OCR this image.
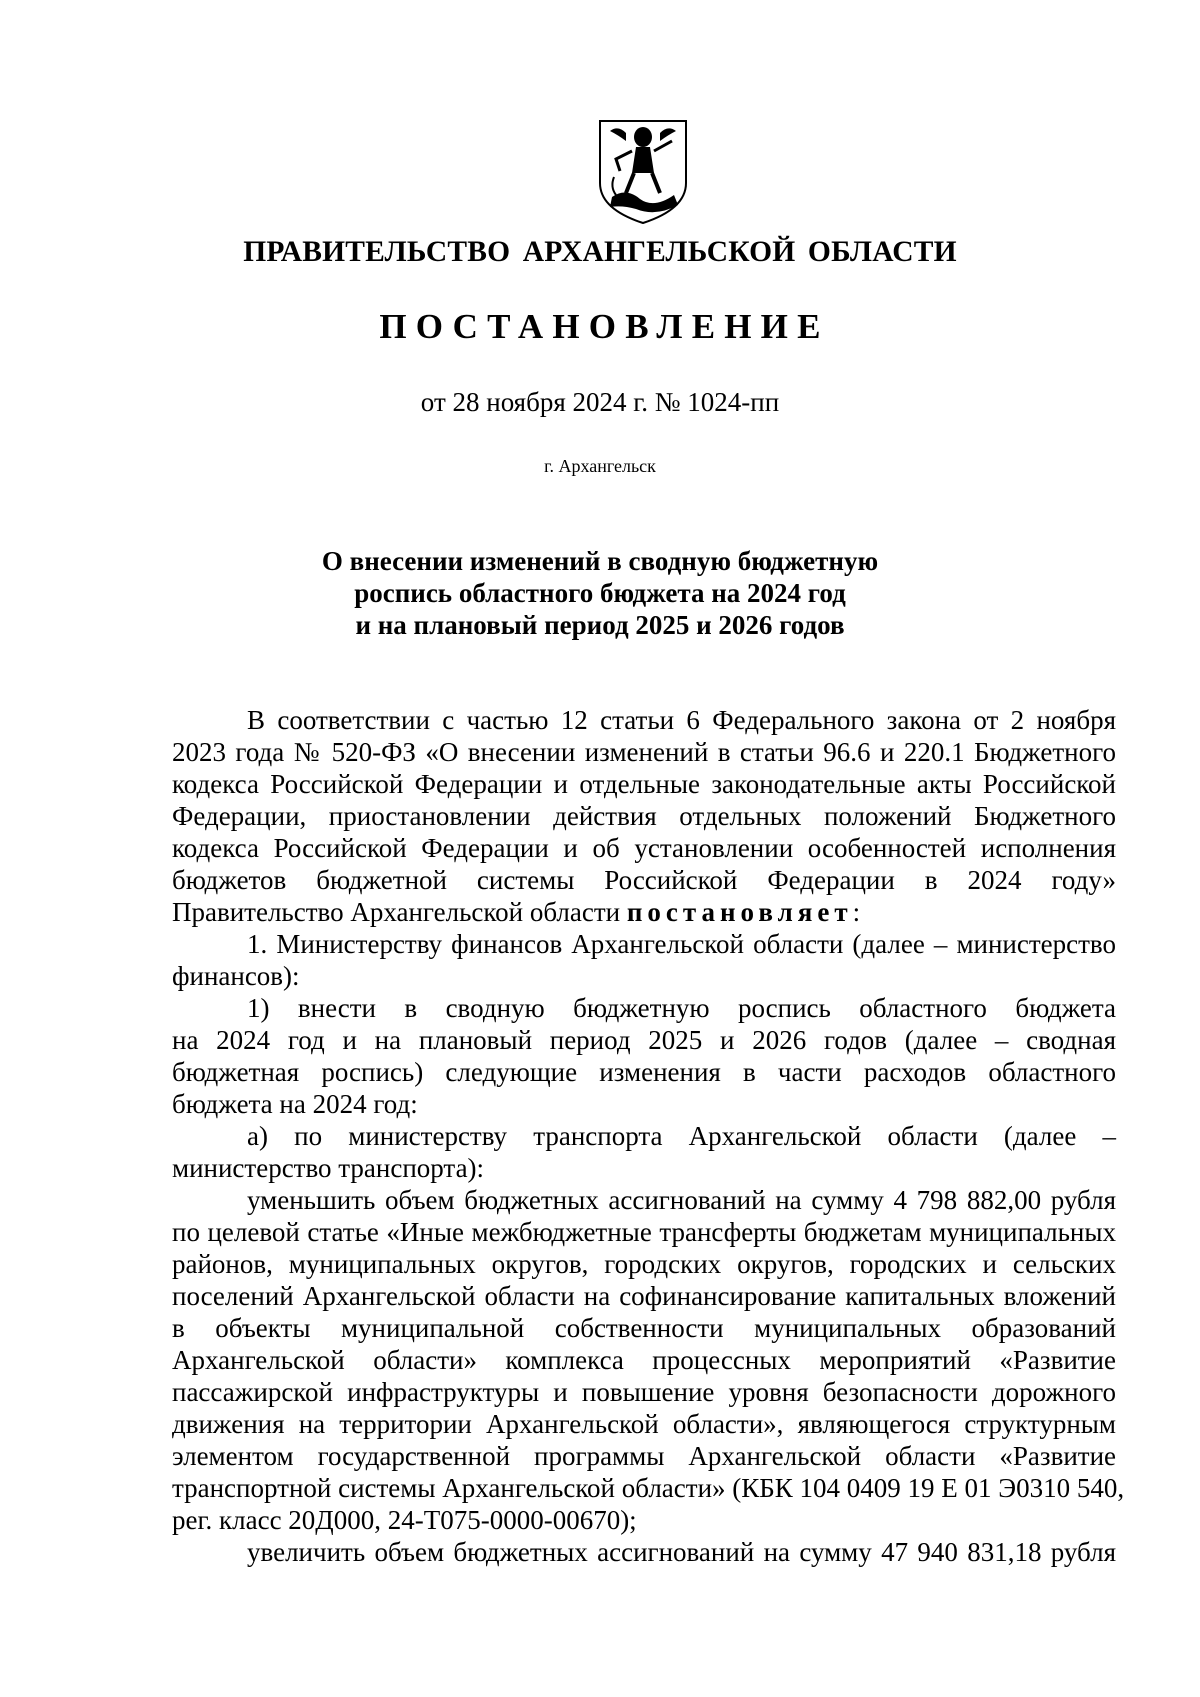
ПРАВИТЕЛЬСТВО АРХАНГЕЛЬСКОЙ ОБЛАСТИ
ПОСТАНОВЛЕНИЕ
от 28 ноября 2024 г. № 1024-пп
г. Архангельск
О внесении изменений в сводную бюджетную
роспись областного бюджета на 2024 год
и на плановый период 2025 и 2026 годов
В соответствии с частью 12 статьи 6 Федерального закона от 2 ноября
2023 года № 520-ФЗ «О внесении изменений в статьи 96.6 и 220.1 Бюджетного
кодекса Российской Федерации и отдельные законодательные акты Российской
Федерации, приостановлении действия отдельных положений Бюджетного
кодекса Российской Федерации и об установлении особенностей исполнения
бюджетов бюджетной системы Российской Федерации в 2024 году»
Правительство Архангельской области постановляет:
1. Министерству финансов Архангельской области (далее – министерство
финансов):
1) внести в сводную бюджетную роспись областного бюджета
на 2024 год и на плановый период 2025 и 2026 годов (далее – сводная
бюджетная роспись) следующие изменения в части расходов областного
бюджета на 2024 год:
а) по министерству транспорта Архангельской области (далее –
министерство транспорта):
уменьшить объем бюджетных ассигнований на сумму 4 798 882,00 рубля
по целевой статье «Иные межбюджетные трансферты бюджетам муниципальных
районов, муниципальных округов, городских округов, городских и сельских
поселений Архангельской области на софинансирование капитальных вложений
в объекты муниципальной собственности муниципальных образований
Архангельской области» комплекса процессных мероприятий «Развитие
пассажирской инфраструктуры и повышение уровня безопасности дорожного
движения на территории Архангельской области», являющегося структурным
элементом государственной программы Архангельской области «Развитие
транспортной системы Архангельской области» (КБК 104 0409 19 Е 01 Э0310 540,
рег. класс 20Д000, 24-Т075-0000-00670);
увеличить объем бюджетных ассигнований на сумму 47 940 831,18 рубля
